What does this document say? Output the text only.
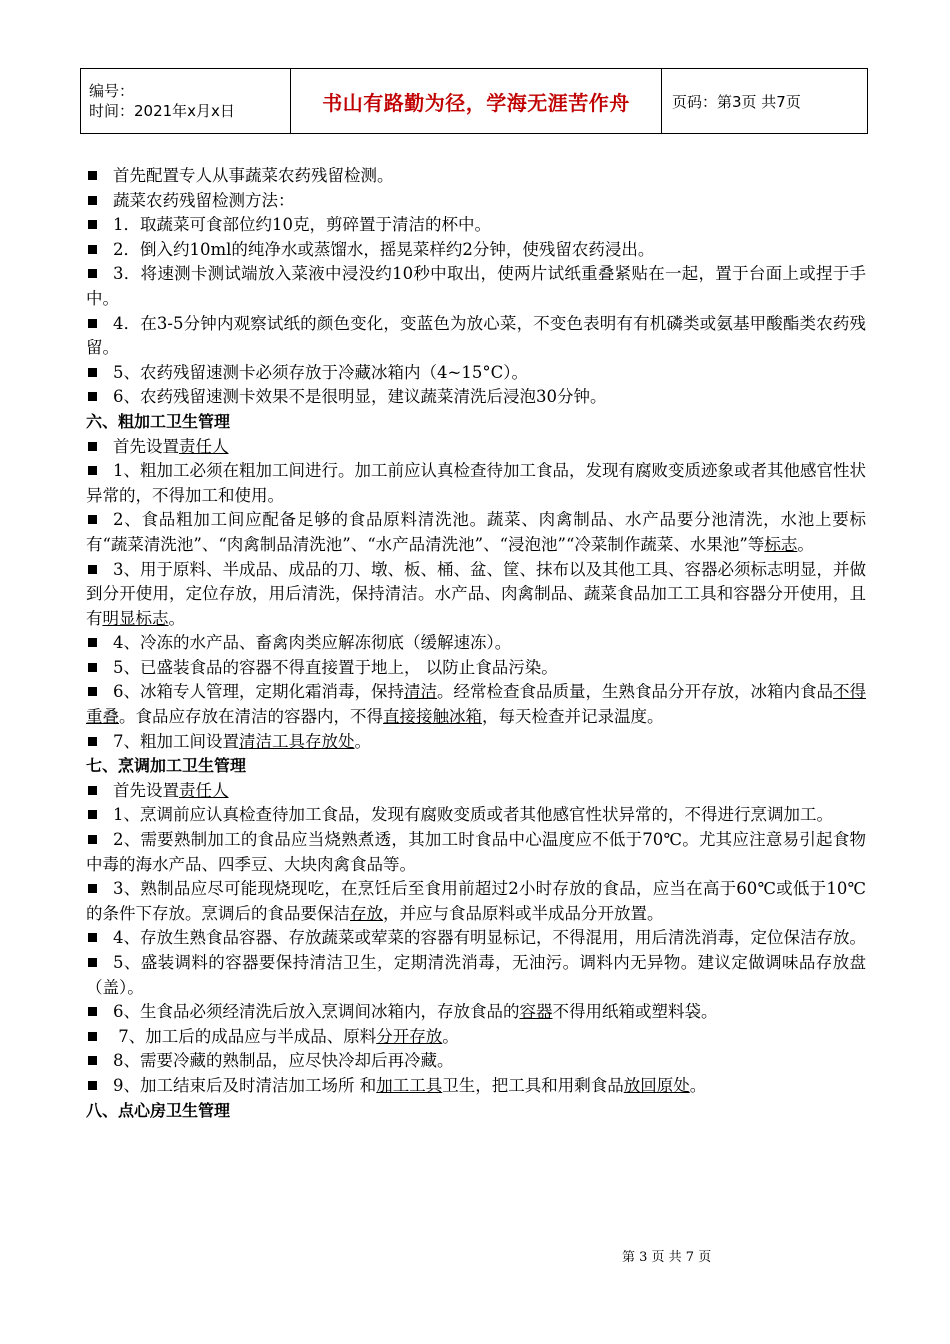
编号：
时间：2021年x月x日	书山有路勤为径，学海无涯苦作舟	页码：第3页 共7页

首先配置专人从事蔬菜农药残留检测。

蔬菜农药残留检测方法：

1．取蔬菜可食部位约10克，剪碎置于清洁的杯中。

2．倒入约10ml的纯净水或蒸馏水，摇晃菜样约2分钟，使残留农药浸出。

3．将速测卡测试端放入菜液中浸没约10秒中取出，使两片试纸重叠紧贴在一起，置于台面上或捏于手中。

4．在3-5分钟内观察试纸的颜色变化，变蓝色为放心菜，不变色表明有有机磷类或氨基甲酸酯类农药残留。

5、农药残留速测卡必须存放于冷藏冰箱内（4~15°C）。

6、农药残留速测卡效果不是很明显，建议蔬菜清洗后浸泡30分钟。

六、粗加工卫生管理

首先设置责任人

1、粗加工必须在粗加工间进行。加工前应认真检查待加工食品，发现有腐败变质迹象或者其他感官性状异常的，不得加工和使用。

2、食品粗加工间应配备足够的食品原料清洗池。蔬菜、肉禽制品、水产品要分池清洗，水池上要标有“蔬菜清洗池”、“肉禽制品清洗池”、“水产品清洗池”、“浸泡池”“冷菜制作蔬菜、水果池”等标志。

3、用于原料、半成品、成品的刀、墩、板、桶、盆、筐、抹布以及其他工具、容器必须标志明显，并做到分开使用，定位存放，用后清洗，保持清洁。水产品、肉禽制品、蔬菜食品加工工具和容器分开使用，且有明显标志。

4、冷冻的水产品、畜禽肉类应解冻彻底（缓解速冻）。

5、已盛装食品的容器不得直接置于地上， 以防止食品污染。

6、冰箱专人管理，定期化霜消毒，保持清洁。经常检查食品质量，生熟食品分开存放，冰箱内食品不得重叠。食品应存放在清洁的容器内，不得直接接触冰箱，每天检查并记录温度。

7、粗加工间设置清洁工具存放处。

七、烹调加工卫生管理

首先设置责任人

1、烹调前应认真检查待加工食品，发现有腐败变质或者其他感官性状异常的，不得进行烹调加工。

2、需要熟制加工的食品应当烧熟煮透，其加工时食品中心温度应不低于70℃。尤其应注意易引起食物中毒的海水产品、四季豆、大块肉禽食品等。

3、熟制品应尽可能现烧现吃，在烹饪后至食用前超过2小时存放的食品，应当在高于60℃或低于10℃的条件下存放。烹调后的食品要保洁存放，并应与食品原料或半成品分开放置。

4、存放生熟食品容器、存放蔬菜或荤菜的容器有明显标记，不得混用，用后清洗消毒，定位保洁存放。

5、盛装调料的容器要保持清洁卫生，定期清洗消毒，无油污。调料内无异物。建议定做调味品存放盘（盖）。

6、生食品必须经清洗后放入烹调间冰箱内，存放食品的容器不得用纸箱或塑料袋。

7、加工后的成品应与半成品、原料分开存放。

8、需要冷藏的熟制品，应尽快冷却后再冷藏。

9、加工结束后及时清洁加工场所 和加工工具卫生，把工具和用剩食品放回原处。

八、点心房卫生管理

第 3 页 共 7 页
